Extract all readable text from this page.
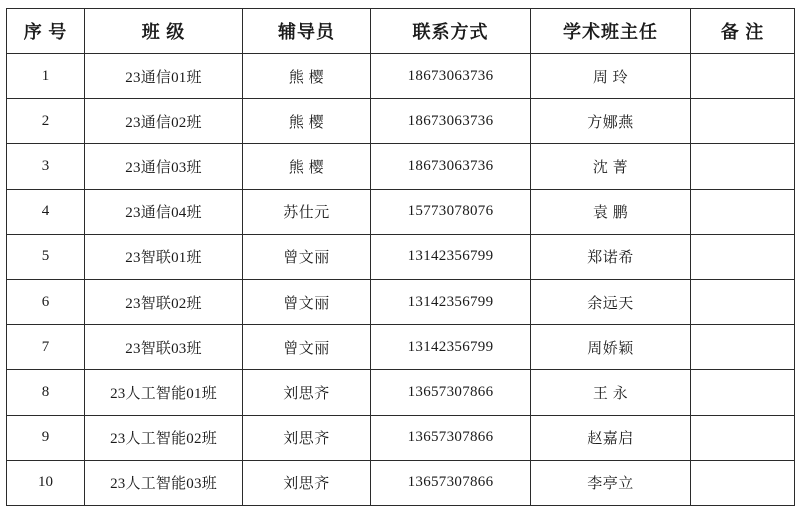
序 号	班 级	辅导员	联系方式	学术班主任	备 注
1	23通信01班	熊 樱	18673063736	周 玲	
2	23通信02班	熊 樱	18673063736	方娜燕	
3	23通信03班	熊 樱	18673063736	沈 菁	
4	23通信04班	苏仕元	15773078076	袁 鹏	
5	23智联01班	曾文丽	13142356799	郑诺希	
6	23智联02班	曾文丽	13142356799	余远天	
7	23智联03班	曾文丽	13142356799	周娇颖	
8	23人工智能01班	刘思齐	13657307866	王 永	
9	23人工智能02班	刘思齐	13657307866	赵嘉启	
10	23人工智能03班	刘思齐	13657307866	李亭立	
